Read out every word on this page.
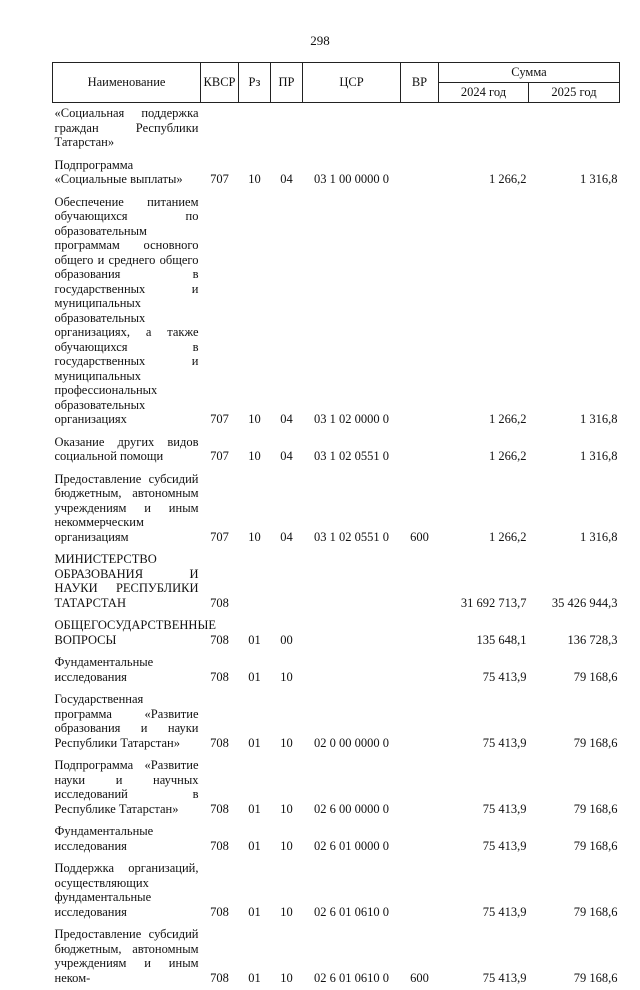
298
Наименование	КВСР	Рз	ПР	ЦСР	ВР	Сумма	
						2024 год	2025 год
«Социальная поддержка граждан Республики Татарстан»							
Подпрограмма «Социальные выплаты»	707	10	04	03 1 00 0000 0		1 266,2	1 316,8
Обеспечение питанием обучающихся по образовательным программам основного общего и среднего общего образования в государственных и муниципальных образовательных организациях, а также обучающихся в государственных и муниципальных профессиональных образовательных организациях	707	10	04	03 1 02 0000 0		1 266,2	1 316,8
Оказание других видов социальной помощи	707	10	04	03 1 02 0551 0		1 266,2	1 316,8
Предоставление субсидий бюджетным, автономным учреждениям и иным некоммерческим организациям	707	10	04	03 1 02 0551 0	600	1 266,2	1 316,8
МИНИСТЕРСТВО ОБРАЗОВАНИЯ И НАУКИ РЕСПУБЛИКИ ТАТАРСТАН	708					31 692 713,7	35 426 944,3
ОБЩЕГОСУДАРСТВЕННЫЕ ВОПРОСЫ	708	01	00			135 648,1	136 728,3
Фундаментальные исследования	708	01	10			75 413,9	79 168,6
Государственная программа «Развитие образования и науки Республики Татарстан»	708	01	10	02 0 00 0000 0		75 413,9	79 168,6
Подпрограмма «Развитие науки и научных исследований в Республике Татарстан»	708	01	10	02 6 00 0000 0		75 413,9	79 168,6
Фундаментальные исследования	708	01	10	02 6 01 0000 0		75 413,9	79 168,6
Поддержка организаций, осуществляющих фундаментальные исследования	708	01	10	02 6 01 0610 0		75 413,9	79 168,6
Предоставление субсидий бюджетным, автономным учреждениям и иным неком-	708	01	10	02 6 01 0610 0	600	75 413,9	79 168,6
